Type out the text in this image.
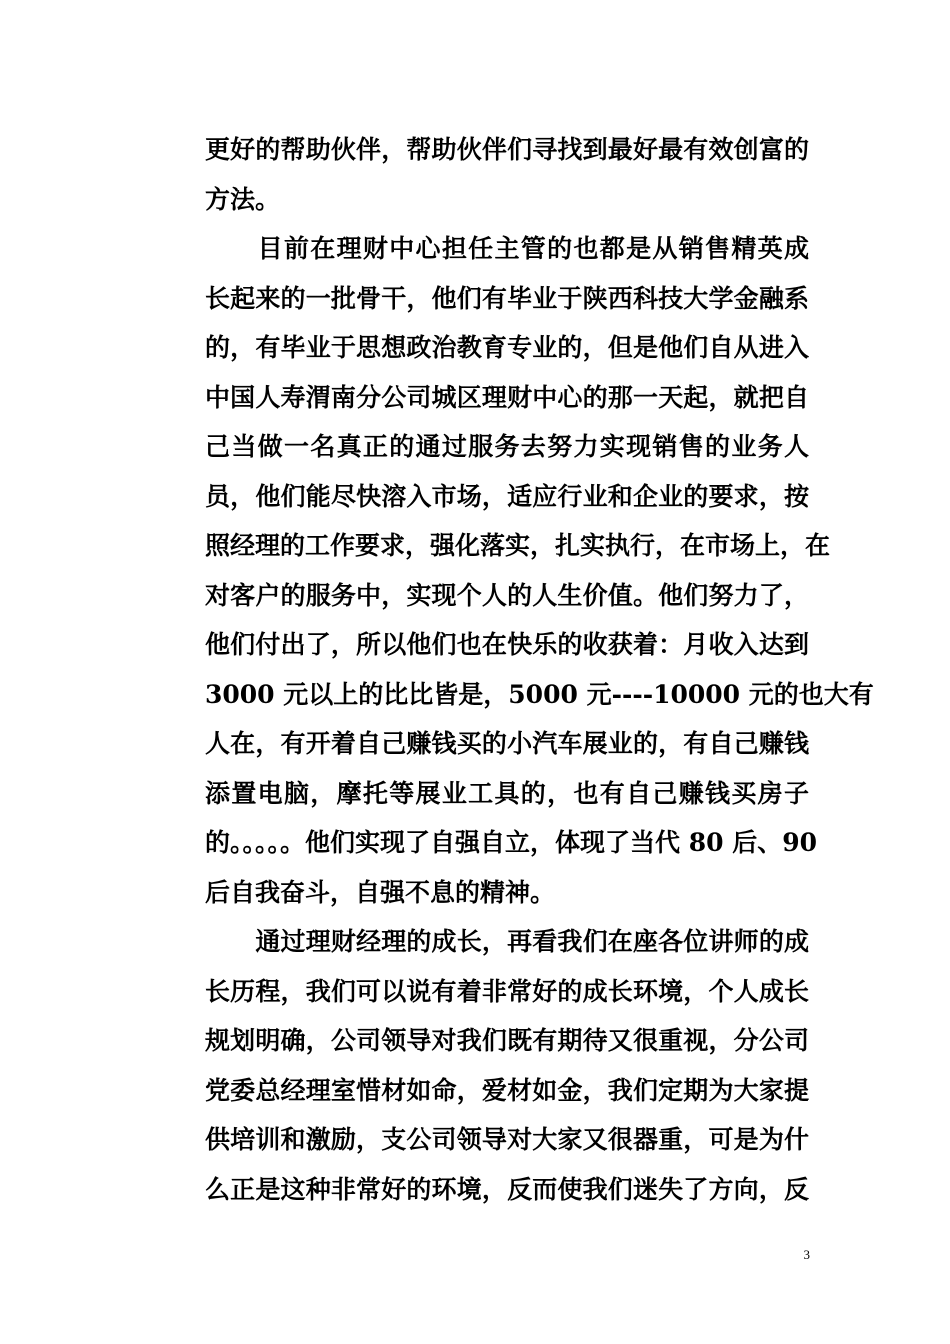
更好的帮助伙伴，帮助伙伴们寻找到最好最有效创富的
方法。
　　目前在理财中心担任主管的也都是从销售精英成
长起来的一批骨干，他们有毕业于陕西科技大学金融系
的，有毕业于思想政治教育专业的，但是他们自从进入
中国人寿渭南分公司城区理财中心的那一天起，就把自
己当做一名真正的通过服务去努力实现销售的业务人
员，他们能尽快溶入市场，适应行业和企业的要求，按
照经理的工作要求，强化落实，扎实执行，在市场上，在
对客户的服务中，实现个人的人生价值。他们努力了，
他们付出了，所以他们也在快乐的收获着：月收入达到
3000 元以上的比比皆是，5000 元----10000 元的也大有
人在，有开着自己赚钱买的小汽车展业的，有自己赚钱
添置电脑，摩托等展业工具的，也有自己赚钱买房子
的。。。。。他们实现了自强自立，体现了当代 80 后、90
后自我奋斗，自强不息的精神。
　　通过理财经理的成长，再看我们在座各位讲师的成
长历程，我们可以说有着非常好的成长环境，个人成长
规划明确，公司领导对我们既有期待又很重视，分公司
党委总经理室惜材如命，爱材如金，我们定期为大家提
供培训和激励，支公司领导对大家又很器重，可是为什
么正是这种非常好的环境，反而使我们迷失了方向，反
3
